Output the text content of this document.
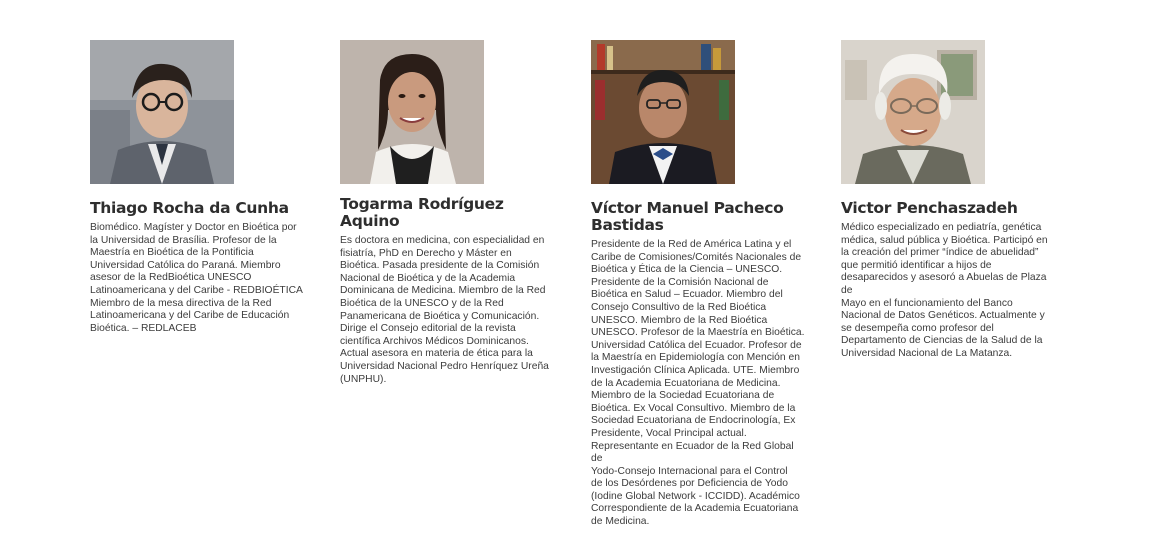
Thiago Rocha da Cunha

Biomédico. Magíster y Doctor en Bioética por
la Universidad de Brasília. Profesor de la
Maestría en Bioética de la Pontificia
Universidad Católica do Paraná. Miembro
asesor de la RedBioética UNESCO
Latinoamericana y del Caribe - REDBIOÉTICA
Miembro de la mesa directiva de la Red
Latinoamericana y del Caribe de Educación
Bioética. – REDLACEB

Togarma Rodríguez Aquino

Es doctora en medicina, con especialidad en
fisiatría, PhD en Derecho y Máster en
Bioética. Pasada presidente de la Comisión
Nacional de Bioética y de la Academia
Dominicana de Medicina. Miembro de la Red
Bioética de la UNESCO y de la Red
Panamericana de Bioética y Comunicación.
Dirige el Consejo editorial de la revista
científica Archivos Médicos Dominicanos.
Actual asesora en materia de ética para la
Universidad Nacional Pedro Henríquez Ureña
(UNPHU).

Víctor Manuel Pacheco Bastidas

Presidente de la Red de América Latina y el
Caribe de Comisiones/Comités Nacionales de
Bioética y Ética de la Ciencia – UNESCO.
Presidente de la Comisión Nacional de
Bioética en Salud – Ecuador. Miembro del
Consejo Consultivo de la Red Bioética
UNESCO. Miembro de la Red Bioética
UNESCO. Profesor de la Maestría en Bioética.
Universidad Católica del Ecuador. Profesor de
la Maestría en Epidemiología con Mención en
Investigación Clínica Aplicada. UTE. Miembro
de la Academia Ecuatoriana de Medicina.
Miembro de la Sociedad Ecuatoriana de
Bioética. Ex Vocal Consultivo. Miembro de la
Sociedad Ecuatoriana de Endocrinología, Ex
Presidente, Vocal Principal actual.
Representante en Ecuador de la Red Global de
Yodo-Consejo Internacional para el Control
de los Desórdenes por Deficiencia de Yodo
(Iodine Global Network - ICCIDD). Académico
Correspondiente de la Academia Ecuatoriana
de Medicina.

Victor Penchaszadeh

Médico especializado en pediatría, genética
médica, salud pública y Bioética. Participó en
la creación del primer “índice de abuelidad”
que permitió identificar a hijos de
desaparecidos y asesoró a Abuelas de Plaza de
Mayo en el funcionamiento del Banco
Nacional de Datos Genéticos. Actualmente y
se desempeña como profesor del
Departamento de Ciencias de la Salud de la
Universidad Nacional de La Matanza.
